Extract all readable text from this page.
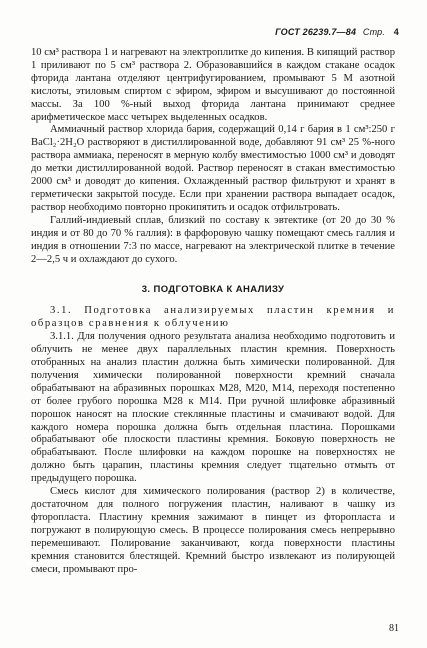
ГОСТ 26239.7—84 Стр. 4

10 см³ раствора 1 и нагревают на электроплитке до кипения. В кипящий раствор 1 приливают по 5 см³ раствора 2. Образовавшийся в каждом стакане осадок фторида лантана отделяют центрифугированием, промывают 5 М азотной кислоты, этиловым спиртом с эфиром, эфиром и высушивают до постоянной массы. За 100 %-ный выход фторида лантана принимают среднее арифметическое масс четырех выделенных осадков.

Аммиачный раствор хлорида бария, содержащий 0,14 г бария в 1 см³:250 г BaCl₂·2H₂O растворяют в дистиллированной воде, добавляют 91 см³ 25 %-ного раствора аммиака, переносят в мерную колбу вместимостью 1000 см³ и доводят до метки дистиллированной водой. Раствор переносят в стакан вместимостью 2000 см³ и доводят до кипения. Охлажденный раствор фильтруют и хранят в герметически закрытой посуде. Если при хранении раствора выпадает осадок, раствор необходимо повторно прокипятить и осадок отфильтровать.

Галлий-индиевый сплав, близкий по составу к эвтектике (от 20 до 30 % индия и от 80 до 70 % галлия): в фарфоровую чашку помещают смесь галлия и индия в отношении 7:3 по массе, нагревают на электрической плитке в течение 2—2,5 ч и охлаждают до сухого.

3. ПОДГОТОВКА К АНАЛИЗУ

3.1. Подготовка анализируемых пластин кремния и образцов сравнения к облучению

3.1.1. Для получения одного результата анализа необходимо подготовить и облучить не менее двух параллельных пластин кремния. Поверхность отобранных на анализ пластин должна быть химически полированной. Для получения химически полированной поверхности кремний сначала обрабатывают на абразивных порошках М28, М20, М14, переходя постепенно от более грубого порошка М28 к М14. При ручной шлифовке абразивный порошок наносят на плоские стеклянные пластины и смачивают водой. Для каждого номера порошка должна быть отдельная пластина. Порошками обрабатывают обе плоскости пластины кремния. Боковую поверхность не обрабатывают. После шлифовки на каждом порошке на поверхностях не должно быть царапин, пластины кремния следует тщательно отмыть от предыдущего порошка.

Смесь кислот для химического полирования (раствор 2) в количестве, достаточном для полного погружения пластин, наливают в чашку из фторопласта. Пластину кремния зажимают в пинцет из фторопласта и погружают в полирующую смесь. В процессе полирования смесь непрерывно перемешивают. Полирование заканчивают, когда поверхности пластины кремния становится блестящей. Кремний быстро извлекают из полирующей смеси, промывают про-

81
